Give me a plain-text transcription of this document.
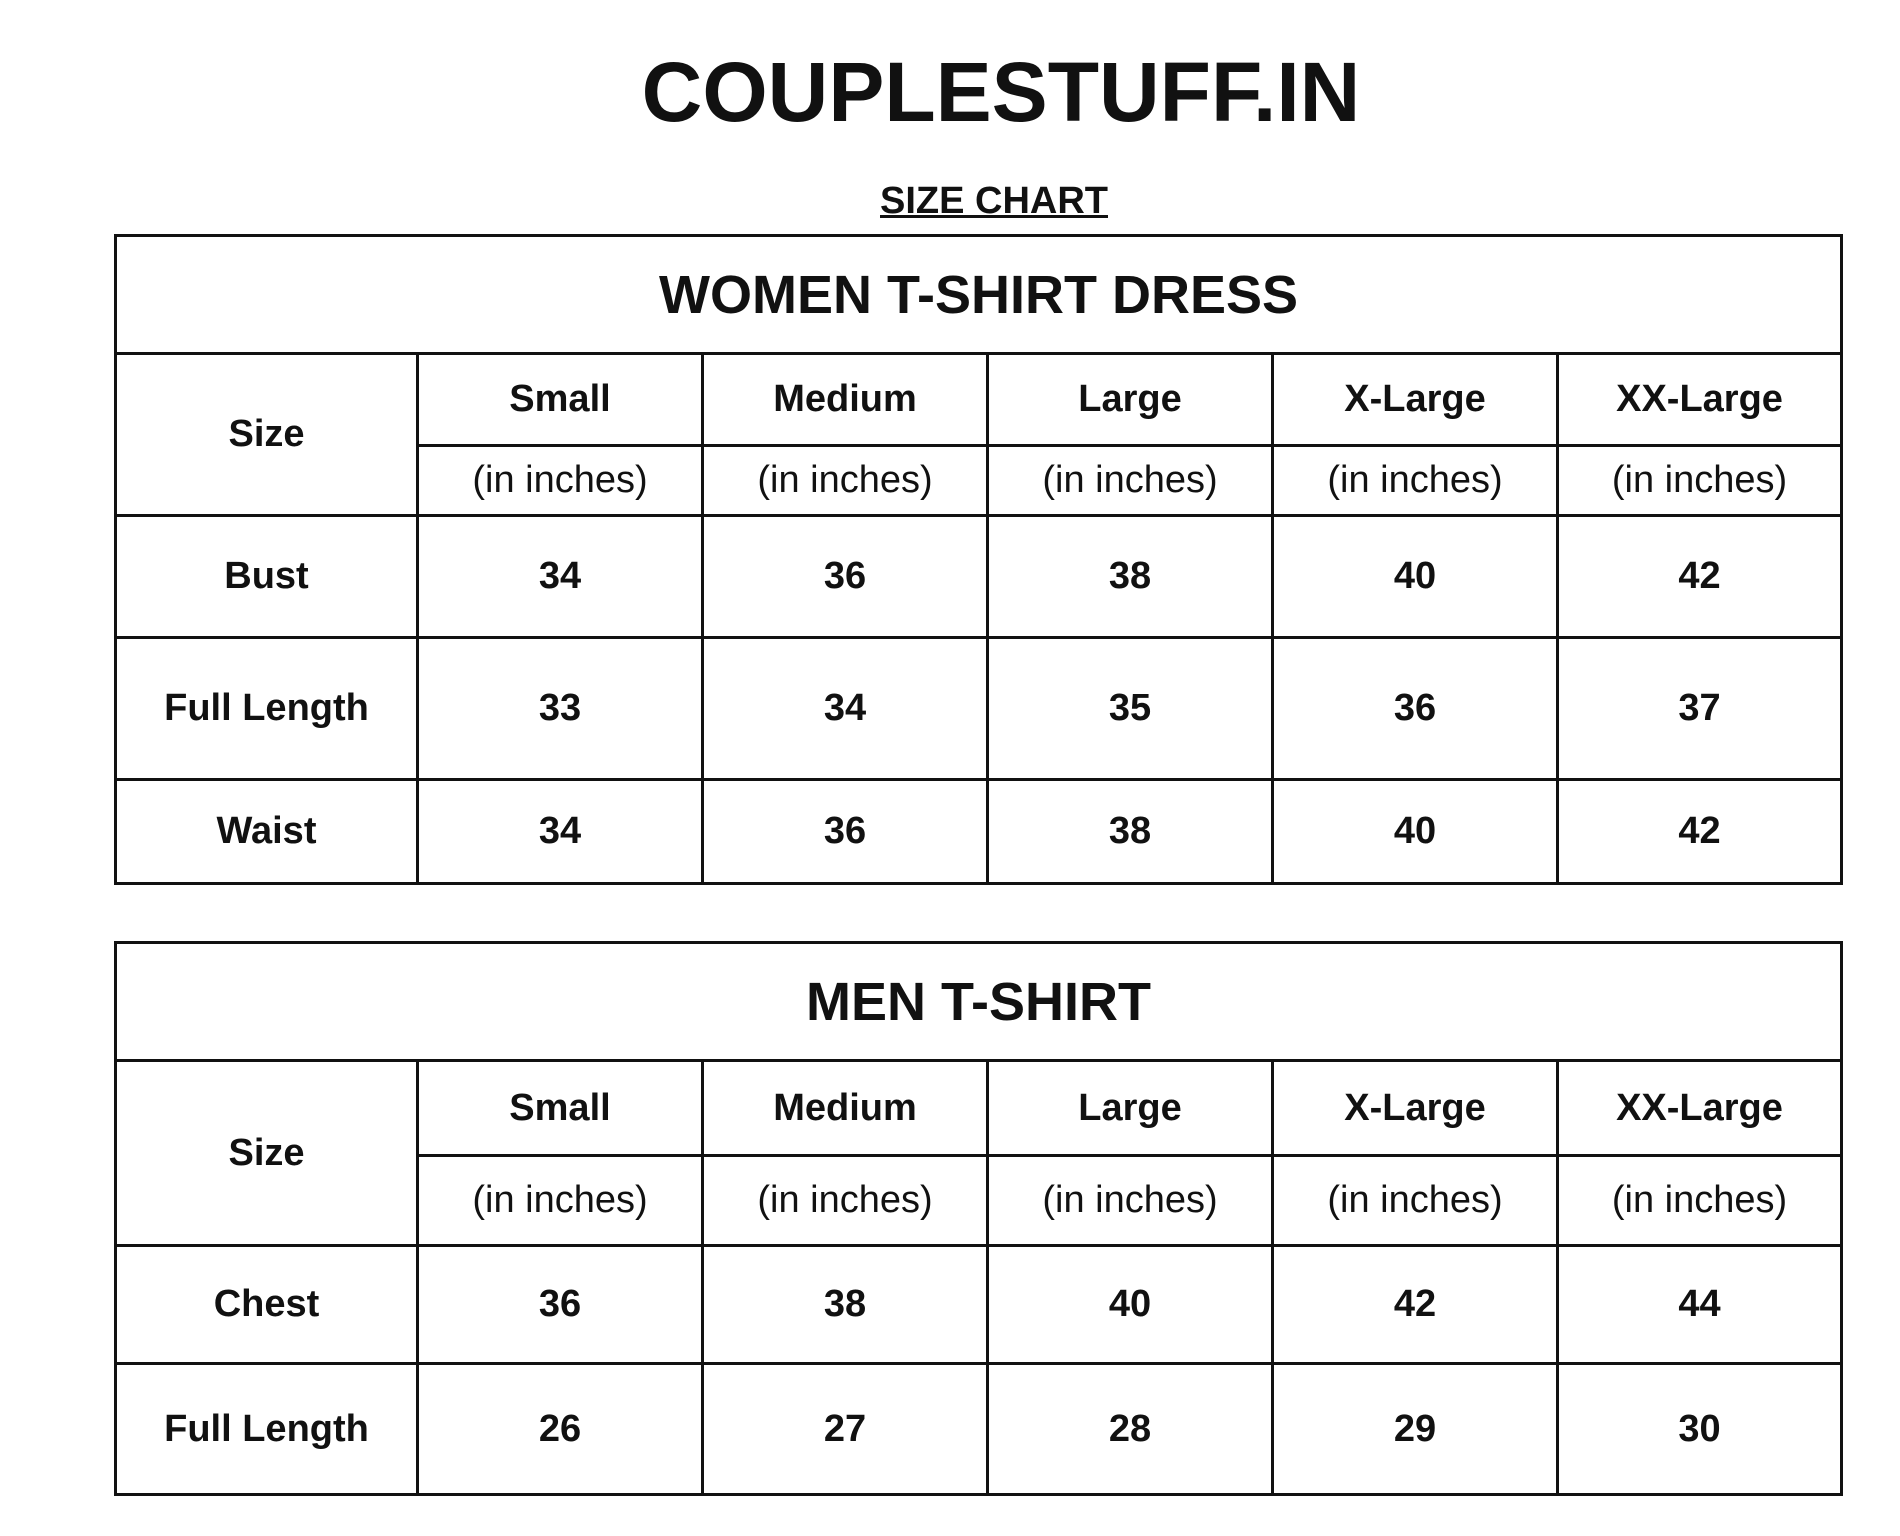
COUPLESTUFF.IN
SIZE CHART
WOMEN T-SHIRT DRESS					
Size	Small	Medium	Large	X-Large	XX-Large
	(in inches)	(in inches)	(in inches)	(in inches)	(in inches)
Bust	34	36	38	40	42
Full Length	33	34	35	36	37
Waist	34	36	38	40	42
MEN T-SHIRT					
Size	Small	Medium	Large	X-Large	XX-Large
	(in inches)	(in inches)	(in inches)	(in inches)	(in inches)
Chest	36	38	40	42	44
Full Length	26	27	28	29	30
